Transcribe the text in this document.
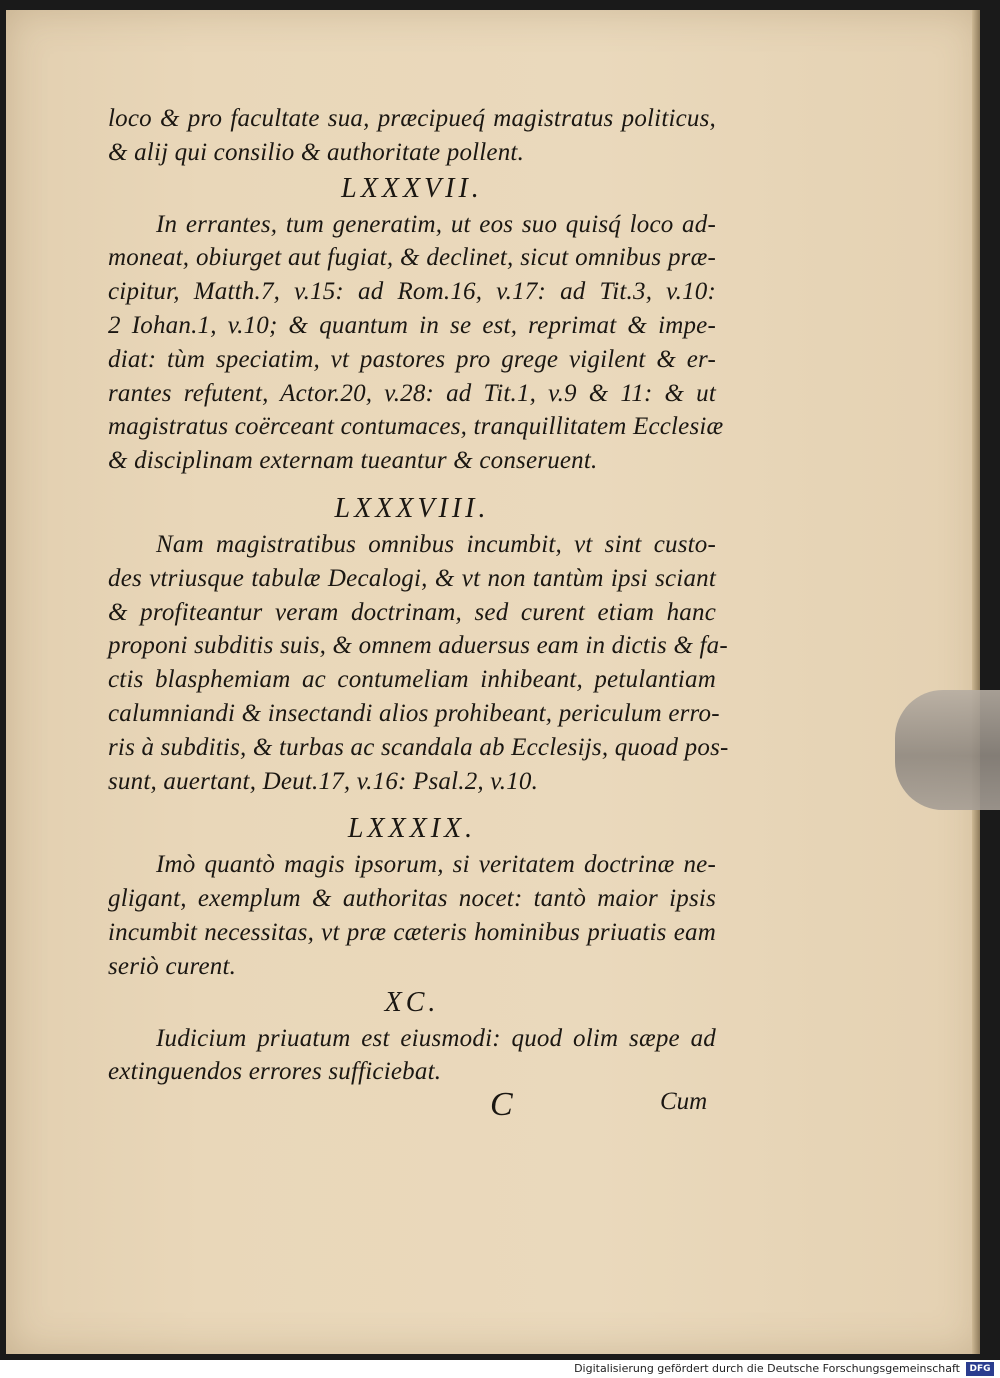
loco & pro facultate sua, præcipueq́ magistratus politicus,
& alij qui consilio & authoritate pollent.
LXXXVII.
In errantes, tum generatim, ut eos suo quisq́ loco ad-
moneat, obiurget aut fugiat, & declinet, sicut omnibus præ-
cipitur, Matth.7, v.15: ad Rom.16, v.17: ad Tit.3, v.10:
2 Iohan.1, v.10; & quantum in se est, reprimat & impe-
diat: tùm speciatim, vt pastores pro grege vigilent & er-
rantes refutent, Actor.20, v.28: ad Tit.1, v.9 & 11: & ut
magistratus coërceant contumaces, tranquillitatem Ecclesiæ
& disciplinam externam tueantur & conseruent.
LXXXVIII.
Nam magistratibus omnibus incumbit, vt sint custo-
des vtriusque tabulæ Decalogi, & vt non tantùm ipsi sciant
& profiteantur veram doctrinam, sed curent etiam hanc
proponi subditis suis, & omnem aduersus eam in dictis & fa-
ctis blasphemiam ac contumeliam inhibeant, petulantiam
calumniandi & insectandi alios prohibeant, periculum erro-
ris à subditis, & turbas ac scandala ab Ecclesijs, quoad pos-
sunt, auertant, Deut.17, v.16: Psal.2, v.10.
LXXXIX.
Imò quantò magis ipsorum, si veritatem doctrinæ ne-
gligant, exemplum & authoritas nocet: tantò maior ipsis
incumbit necessitas, vt præ cæteris hominibus priuatis eam
seriò curent.
XC.
Iudicium priuatum est eiusmodi: quod olim sæpe ad
extinguendos errores sufficiebat.
C	Cum
Digitalisierung gefördert durch die Deutsche Forschungsgemeinschaft	DFG
